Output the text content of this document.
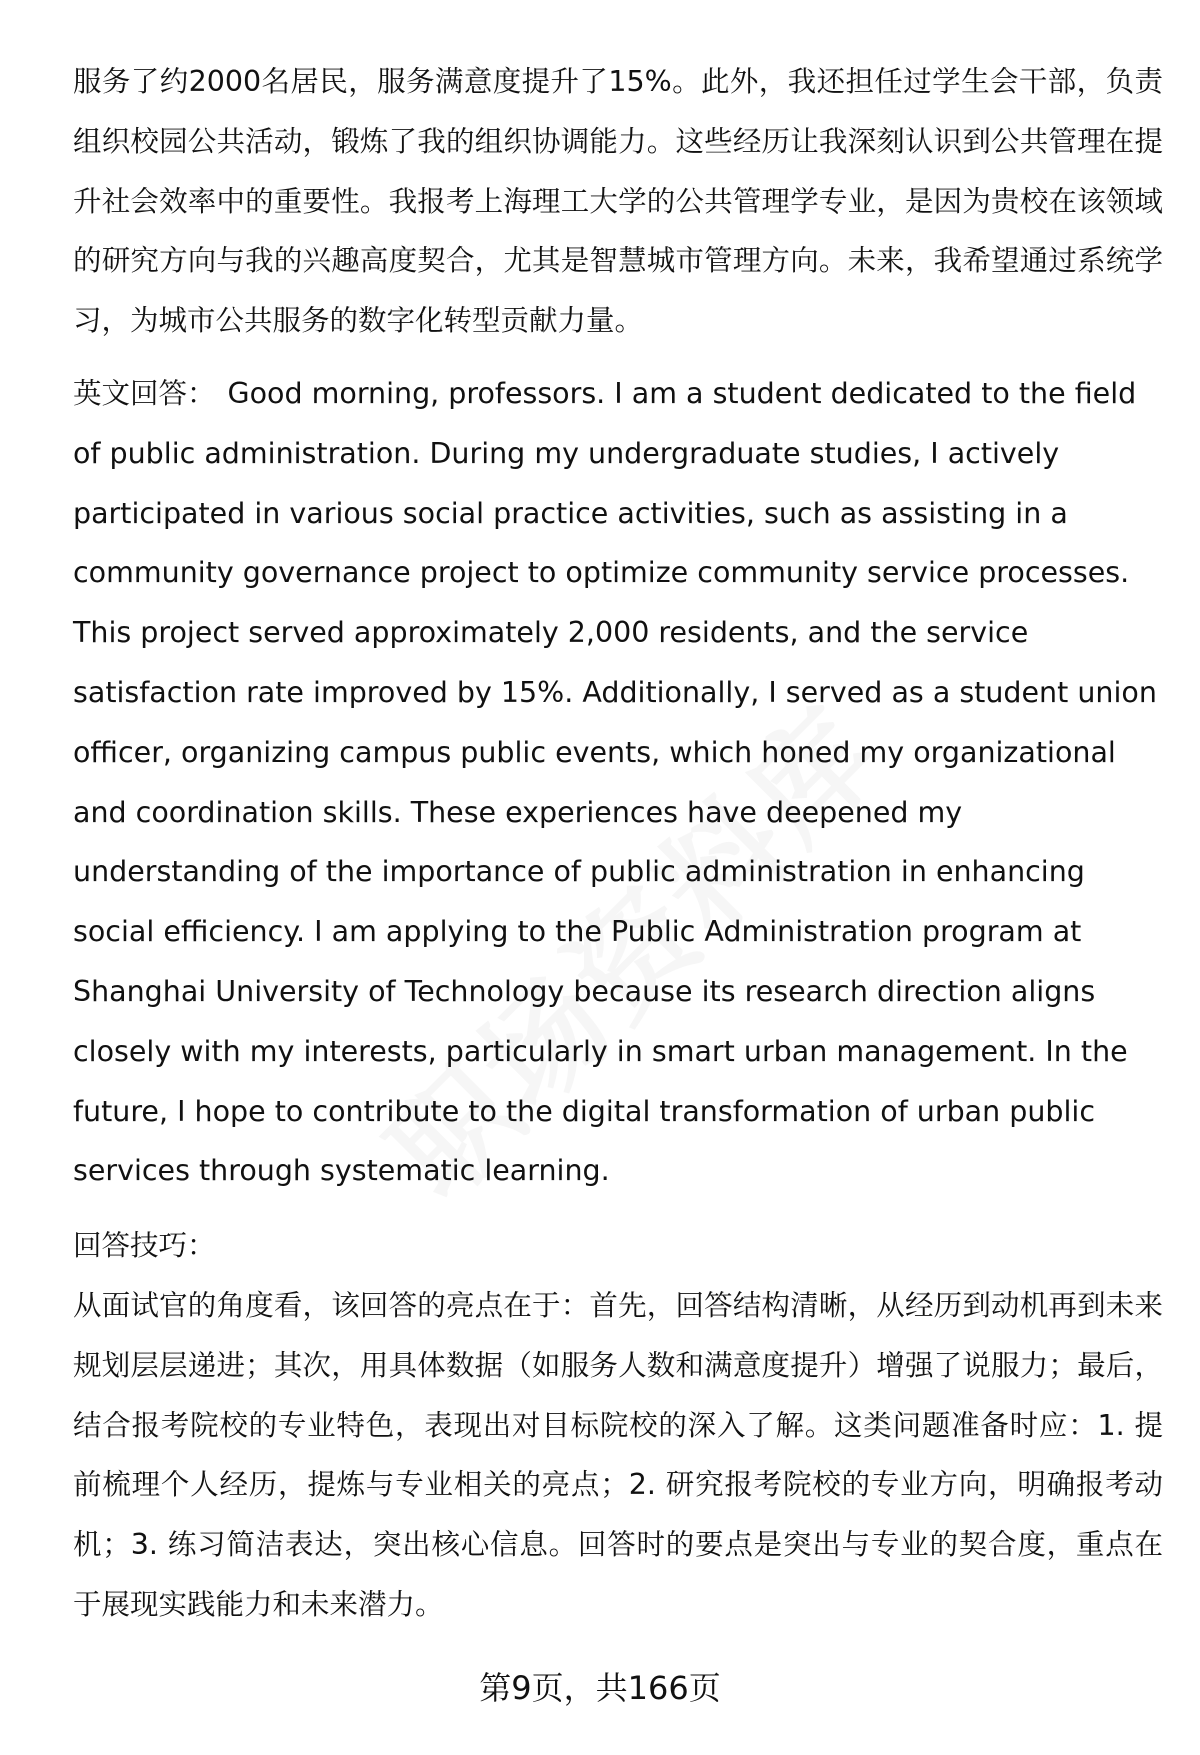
服务了约2000名居民，服务满意度提升了15%。此外，我还担任过学生会干部，负责组织校园公共活动，锻炼了我的组织协调能力。这些经历让我深刻认识到公共管理在提升社会效率中的重要性。我报考上海理工大学的公共管理学专业，是因为贵校在该领域的研究方向与我的兴趣高度契合，尤其是智慧城市管理方向。未来，我希望通过系统学习，为城市公共服务的数字化转型贡献力量。

英文回答： Good morning, professors. I am a student dedicated to the field of public administration. During my undergraduate studies, I actively participated in various social practice activities, such as assisting in a community governance project to optimize community service processes. This project served approximately 2,000 residents, and the service satisfaction rate improved by 15%. Additionally, I served as a student union officer, organizing campus public events, which honed my organizational and coordination skills. These experiences have deepened my understanding of the importance of public administration in enhancing social efficiency. I am applying to the Public Administration program at Shanghai University of Technology because its research direction aligns closely with my interests, particularly in smart urban management. In the future, I hope to contribute to the digital transformation of urban public services through systematic learning.

回答技巧：

从面试官的角度看，该回答的亮点在于：首先，回答结构清晰，从经历到动机再到未来规划层层递进；其次，用具体数据（如服务人数和满意度提升）增强了说服力；最后，结合报考院校的专业特色，表现出对目标院校的深入了解。这类问题准备时应：1. 提前梳理个人经历，提炼与专业相关的亮点；2. 研究报考院校的专业方向，明确报考动机；3. 练习简洁表达，突出核心信息。回答时的要点是突出与专业的契合度，重点在于展现实践能力和未来潜力。

第9页，共166页
